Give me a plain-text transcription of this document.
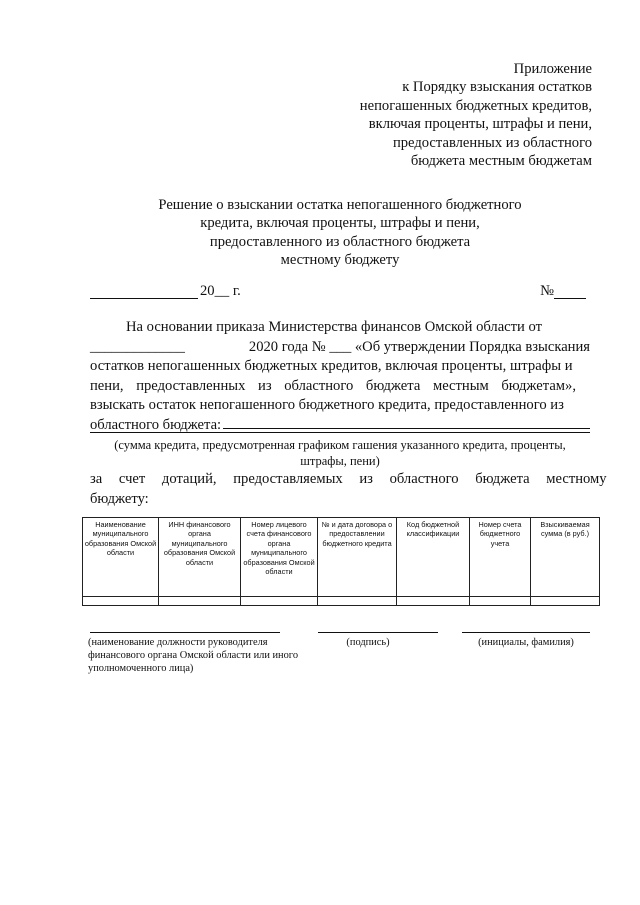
Приложение
к Порядку взыскания остатков
непогашенных бюджетных кредитов,
включая проценты, штрафы и пени,
предоставленных из областного
бюджета местным бюджетам
Решение о взыскании остатка непогашенного бюджетного
кредита, включая проценты, штрафы и пени,
предоставленного из областного бюджета
местному бюджету
20__ г.	№
На основании приказа Министерства финансов Омской области от
_____________	2020 года № ___ «Об утверждении Порядка взыскания
остатков непогашенных бюджетных кредитов, включая проценты, штрафы и
пени, предоставленных из областного бюджета местным бюджетам»,
взыскать остаток непогашенного бюджетного кредита, предоставленного из
областного бюджета:
(сумма кредита, предусмотренная графиком гашения указанного кредита, проценты,
штрафы, пени)
за счет дотаций, предоставляемых из областного бюджета местному
бюджету:
Наименование муниципального образования Омской области	ИНН финансового органа муниципального образования Омской области	Номер лицевого счета финансового органа муниципального образования Омской области	№ и дата договора о предоставлении бюджетного кредита	Код бюджетной классификации	Номер счета бюджетного учета	Взыскиваемая сумма (в руб.)

(наименование должности руководителя финансового органа Омской области или иного уполномоченного лица)
(подпись)	(инициалы, фамилия)
